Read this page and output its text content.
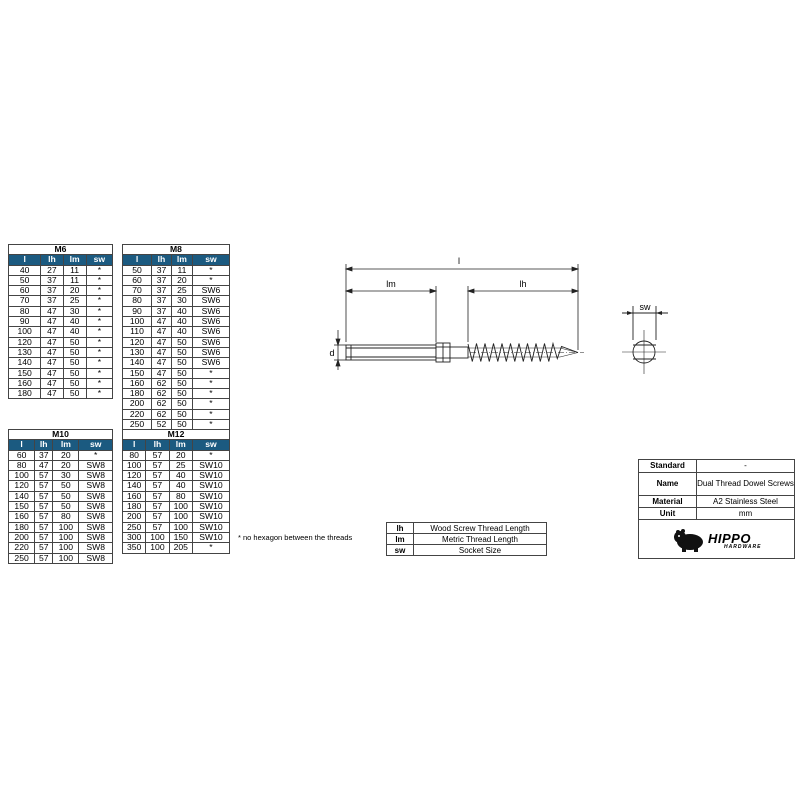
M6			
l	lh	lm	sw
40	27	11	*
50	37	11	*
60	37	20	*
70	37	25	*
80	47	30	*
90	47	40	*
100	47	40	*
120	47	50	*
130	47	50	*
140	47	50	*
150	47	50	*
160	47	50	*
180	47	50	*
M8			
l	lh	lm	sw
50	37	11	*
60	37	20	*
70	37	25	SW6
80	37	30	SW6
90	37	40	SW6
100	47	40	SW6
110	47	40	SW6
120	47	50	SW6
130	47	50	SW6
140	47	50	SW6
150	47	50	*
160	62	50	*
180	62	50	*
200	62	50	*
220	62	50	*
250	52	50	*
M10			
l	lh	lm	sw
60	37	20	*
80	47	20	SW8
100	57	30	SW8
120	57	50	SW8
140	57	50	SW8
150	57	50	SW8
160	57	80	SW8
180	57	100	SW8
200	57	100	SW8
220	57	100	SW8
250	57	100	SW8
M12			
l	lh	lm	sw
80	57	20	*
100	57	25	SW10
120	57	40	SW10
140	57	40	SW10
160	57	80	SW10
180	57	100	SW10
200	57	100	SW10
250	57	100	SW10
300	100	150	SW10
350	100	205	*
* no hexagon between the threads
lh	Wood Screw Thread Length
lm	Metric Thread Length
sw	Socket Size
l
lm	lh
d
sw
Standard	-
Name	Dual Thread Dowel Screws
Material	A2 Stainless Steel
Unit	mm
HIPPO
HARDWARE
